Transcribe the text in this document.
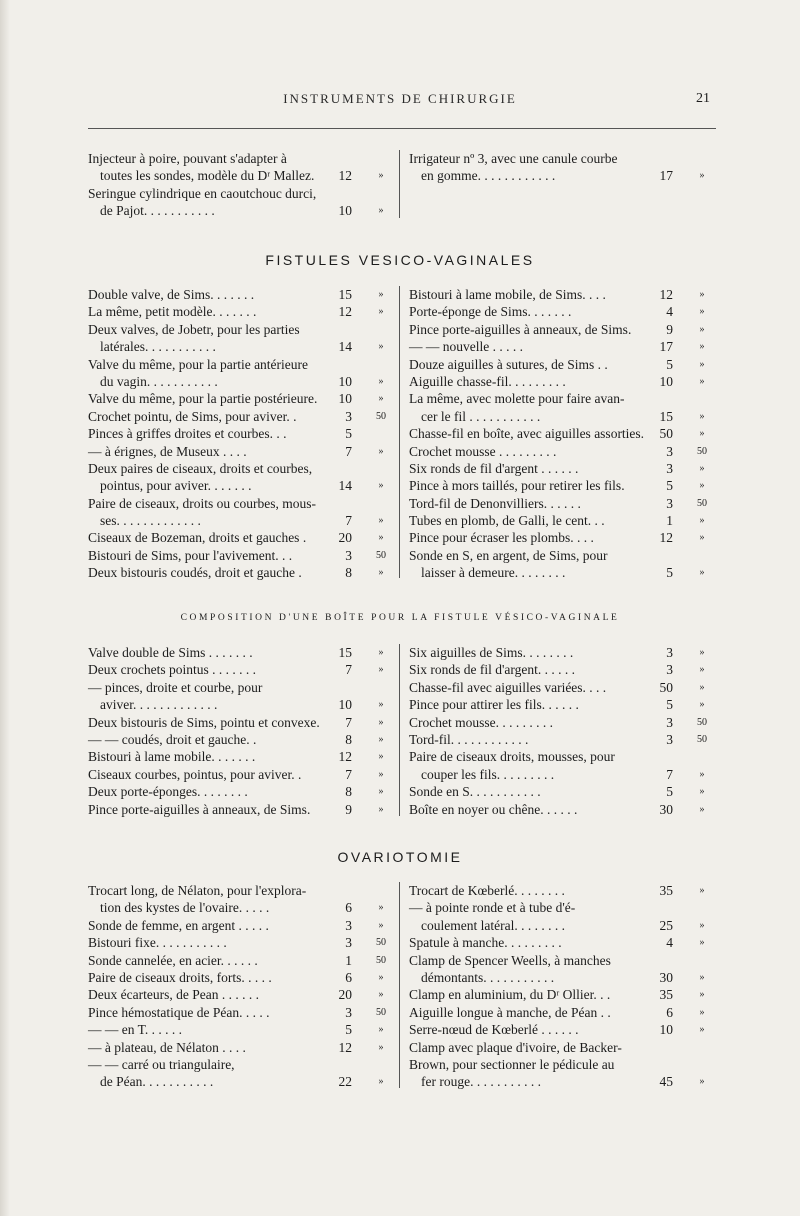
INSTRUMENTS DE CHIRURGIE	21
Injecteur à poire, pouvant s'adapter à
toutes les sondes, modèle du Dʳ Mallez.	12	»
Seringue cylindrique en caoutchouc durci,
de Pajot. . . . . . . . . . .	10	»
Irrigateur nº 3, avec une canule courbe
en gomme. . . . . . . . . . . .	17	»
FISTULES VESICO-VAGINALES
Double valve, de Sims. . . . . . .	15	»
La même, petit modèle. . . . . . .	12	»
Deux valves, de Jobetr, pour les parties
latérales. . . . . . . . . . .	14	»
Valve du même, pour la partie antérieure
du vagin. . . . . . . . . . .	10	»
Valve du même, pour la partie postérieure.	10	»
Crochet pointu, de Sims, pour aviver. .	3	50
Pinces à griffes droites et courbes. . .	5
— à érignes, de Museux . . . .	7	»
Deux paires de ciseaux, droits et courbes,
pointus, pour aviver. . . . . . .	14	»
Paire de ciseaux, droits ou courbes, mous-
ses. . . . . . . . . . . . .	7	»
Ciseaux de Bozeman, droits et gauches .	20	»
Bistouri de Sims, pour l'avivement. . .	3	50
Deux bistouris coudés, droit et gauche .	8	»
Bistouri à lame mobile, de Sims. . . .	12	»
Porte-éponge de Sims. . . . . . .	4	»
Pince porte-aiguilles à anneaux, de Sims.	9	»
— — nouvelle . . . . .	17	»
Douze aiguilles à sutures, de Sims . .	5	»
Aiguille chasse-fil. . . . . . . . .	10	»
La même, avec molette pour faire avan-
cer le fil . . . . . . . . . . .	15	»
Chasse-fil en boîte, avec aiguilles assorties.	50	»
Crochet mousse . . . . . . . . .	3	50
Six ronds de fil d'argent . . . . . .	3	»
Pince à mors taillés, pour retirer les fils.	5	»
Tord-fil de Denonvilliers. . . . . .	3	50
Tubes en plomb, de Galli, le cent. . .	1	»
Pince pour écraser les plombs. . . .	12	»
Sonde en S, en argent, de Sims, pour
laisser à demeure. . . . . . . .	5	»
COMPOSITION D'UNE BOÎTE POUR LA FISTULE VÉSICO-VAGINALE
Valve double de Sims . . . . . . .	15	»
Deux crochets pointus . . . . . . .	7	»
— pinces, droite et courbe, pour
aviver. . . . . . . . . . . . .	10	»
Deux bistouris de Sims, pointu et convexe.	7	»
— — coudés, droit et gauche. .	8	»
Bistouri à lame mobile. . . . . . .	12	»
Ciseaux courbes, pointus, pour aviver. .	7	»
Deux porte-éponges. . . . . . . .	8	»
Pince porte-aiguilles à anneaux, de Sims.	9	»
Six aiguilles de Sims. . . . . . . .	3	»
Six ronds de fil d'argent. . . . . .	3	»
Chasse-fil avec aiguilles variées. . . .	50	»
Pince pour attirer les fils. . . . . .	5	»
Crochet mousse. . . . . . . . .	3	50
Tord-fil. . . . . . . . . . . .	3	50
Paire de ciseaux droits, mousses, pour
couper les fils. . . . . . . . .	7	»
Sonde en S. . . . . . . . . . .	5	»
Boîte en noyer ou chêne. . . . . .	30	»
OVARIOTOMIE
Trocart long, de Nélaton, pour l'explora-
tion des kystes de l'ovaire. . . . .	6	»
Sonde de femme, en argent . . . . .	3	»
Bistouri fixe. . . . . . . . . . .	3	50
Sonde cannelée, en acier. . . . . .	1	50
Paire de ciseaux droits, forts. . . . .	6	»
Deux écarteurs, de Pean . . . . . .	20	»
Pince hémostatique de Péan. . . . .	3	50
— — en T. . . . . .	5	»
— à plateau, de Nélaton . . . .	12	»
— — carré ou triangulaire,
de Péan. . . . . . . . . . .	22	»
Trocart de Kœberlé. . . . . . . .	35	»
— à pointe ronde et à tube d'é-
coulement latéral. . . . . . . .	25	»
Spatule à manche. . . . . . . . .	4	»
Clamp de Spencer Weells, à manches
démontants. . . . . . . . . . .	30	»
Clamp en aluminium, du Dʳ Ollier. . .	35	»
Aiguille longue à manche, de Péan . .	6	»
Serre-nœud de Kœberlé . . . . . .	10	»
Clamp avec plaque d'ivoire, de Backer-
Brown, pour sectionner le pédicule au
fer rouge. . . . . . . . . . .	45	»
